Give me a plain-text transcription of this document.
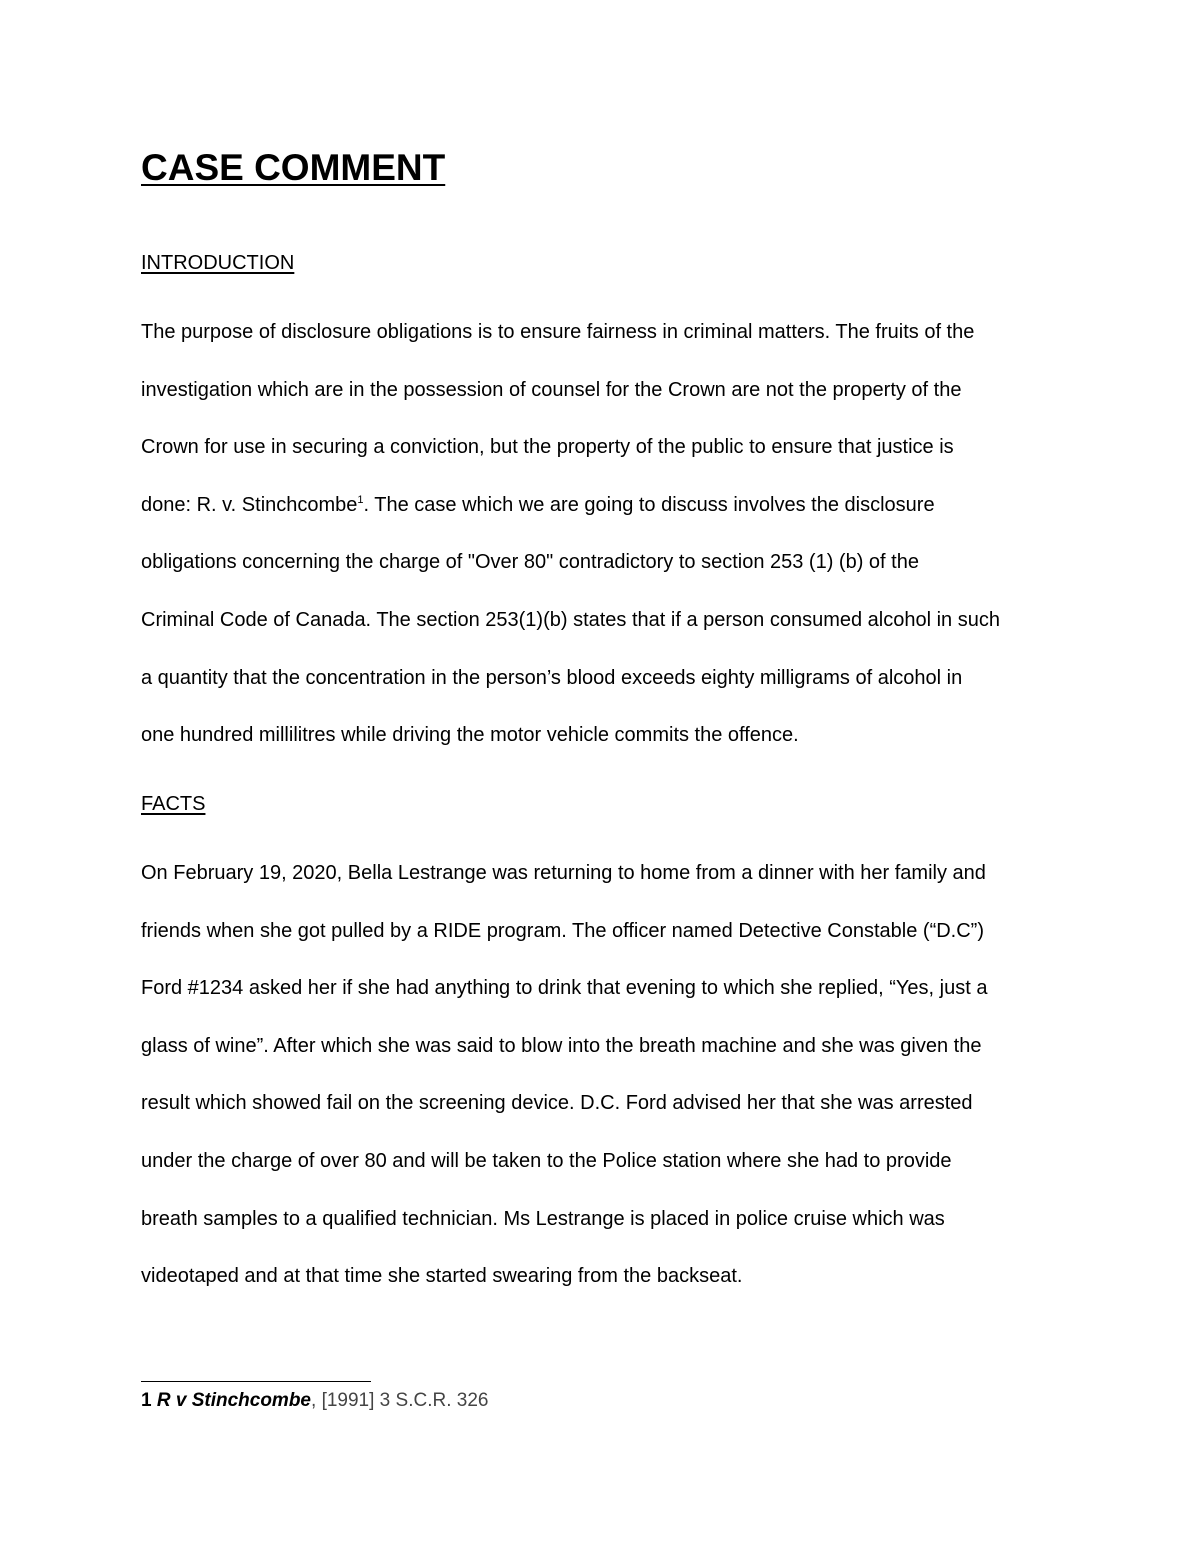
CASE COMMENT
INTRODUCTION
The purpose of disclosure obligations is to ensure fairness in criminal matters. The fruits of the
investigation which are in the possession of counsel for the Crown are not the property of the
Crown for use in securing a conviction, but the property of the public to ensure that justice is
done: R. v. Stinchcombe$^1$. The case which we are going to discuss involves the disclosure
obligations concerning the charge of "Over 80" contradictory to section 253 (1) (b) of the
Criminal Code of Canada. The section 253(1)(b) states that if a person consumed alcohol in such
a quantity that the concentration in the person’s blood exceeds eighty milligrams of alcohol in
one hundred millilitres while driving the motor vehicle commits the offence.
FACTS
On February 19, 2020, Bella Lestrange was returning to home from a dinner with her family and
friends when she got pulled by a RIDE program. The officer named Detective Constable (“D.C”)
Ford #1234 asked her if she had anything to drink that evening to which she replied, “Yes, just a
glass of wine”. After which she was said to blow into the breath machine and she was given the
result which showed fail on the screening device. D.C. Ford advised her that she was arrested
under the charge of over 80 and will be taken to the Police station where she had to provide
breath samples to a qualified technician. Ms Lestrange is placed in police cruise which was
videotaped and at that time she started swearing from the backseat.

1 R v Stinchcombe, [1991] 3 S.C.R. 326
